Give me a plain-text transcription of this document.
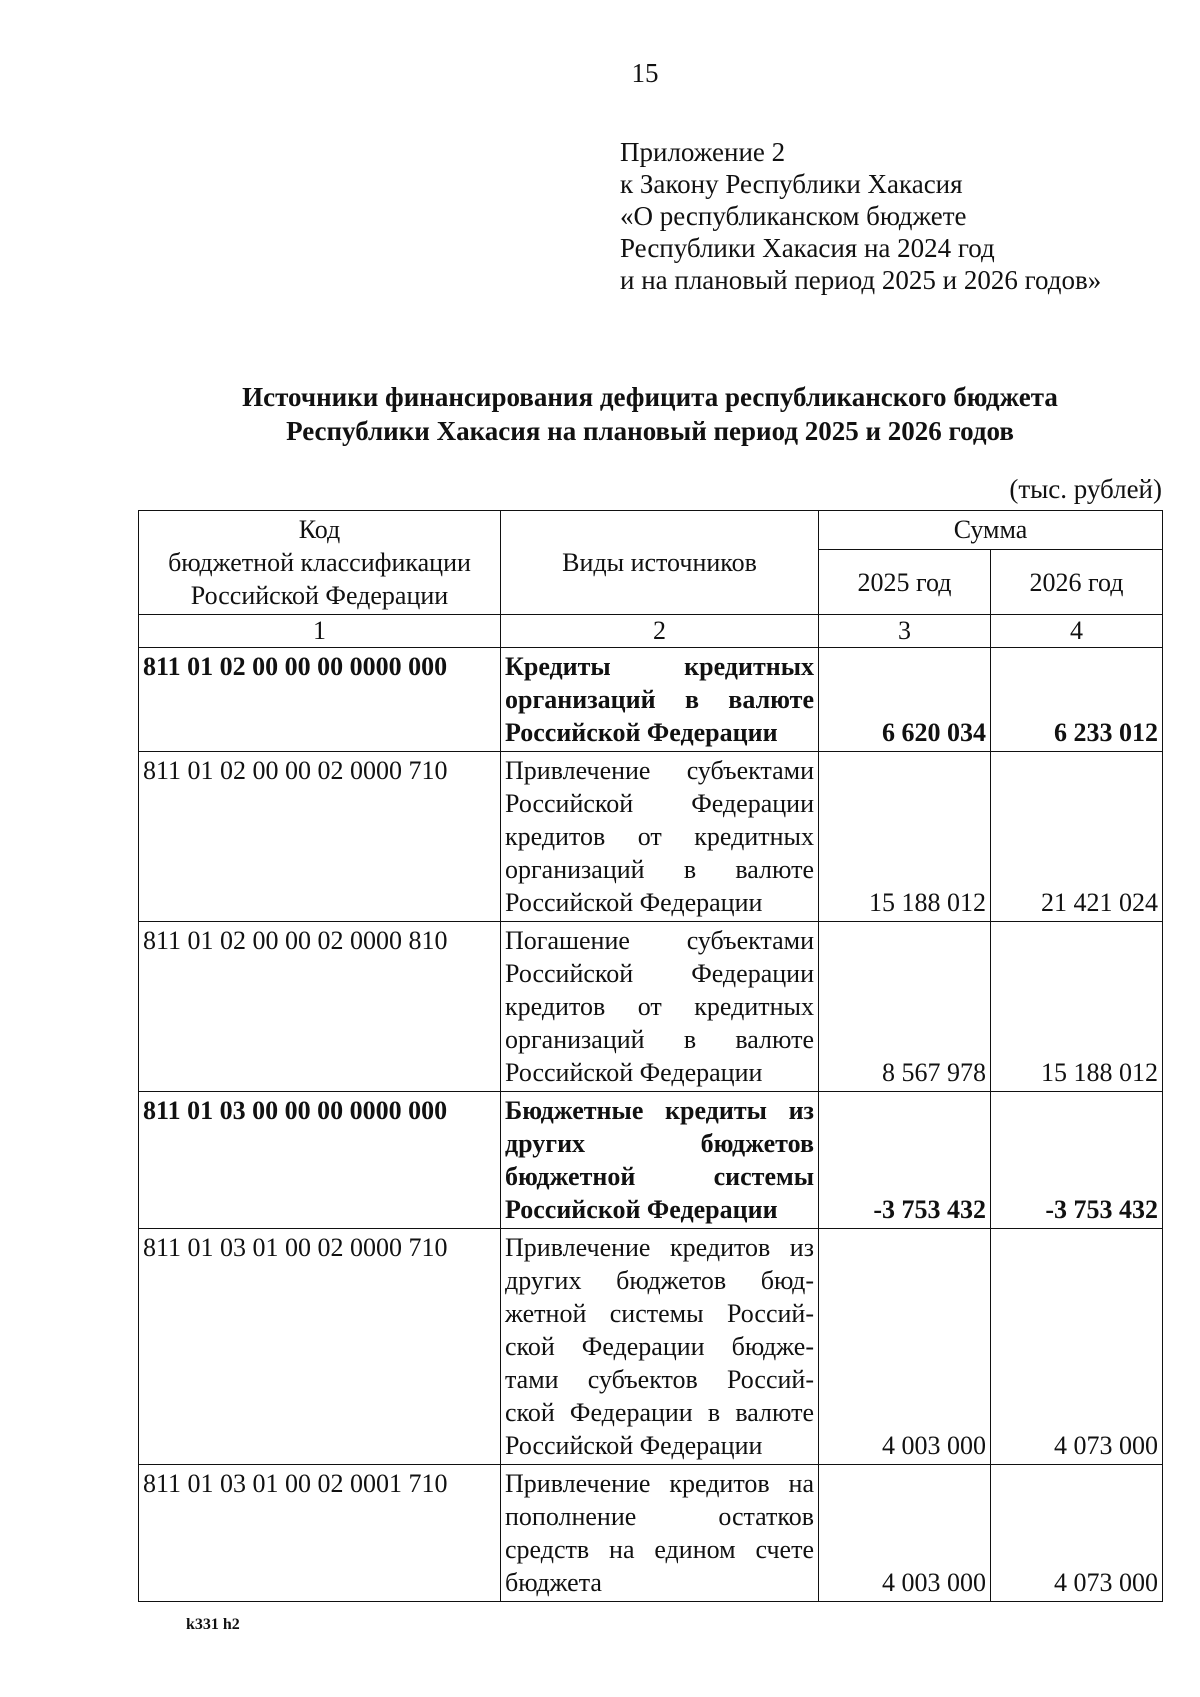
15
Приложение 2
к Закону Республики Хакасия
«О республиканском бюджете
Республики Хакасия на 2024 год
и на плановый период 2025 и 2026 годов»
Источники финансирования дефицита республиканского бюджета
Республики Хакасия на плановый период 2025 и 2026 годов
(тыс. рублей)
Код
бюджетной классификации
Российской Федерации	Виды источников	Сумма	
		2025 год	2026 год
1	2	3	4
811 01 02 00 00 00 0000 000	Кредиты кредитных организаций в валюте Российской Федерации	6 620 034	6 233 012
811 01 02 00 00 02 0000 710	Привлечение субъектами Российской Федерации кредитов от кредитных организаций в валюте Российской Федерации	15 188 012	21 421 024
811 01 02 00 00 02 0000 810	Погашение субъектами Российской Федерации кредитов от кредитных организаций в валюте Российской Федерации	8 567 978	15 188 012
811 01 03 00 00 00 0000 000	Бюджетные кредиты из других бюджетов бюджетной системы Российской Федерации	-3 753 432	-3 753 432
811 01 03 01 00 02 0000 710	Привлечение кредитов из других бюджетов бюд-жетной системы Россий-ской Федерации бюдже-тами субъектов Россий-ской Федерации в валюте Российской Федерации	4 003 000	4 073 000
811 01 03 01 00 02 0001 710	Привлечение кредитов на пополнение остатков средств на едином счете бюджета	4 003 000	4 073 000
k331 h2
